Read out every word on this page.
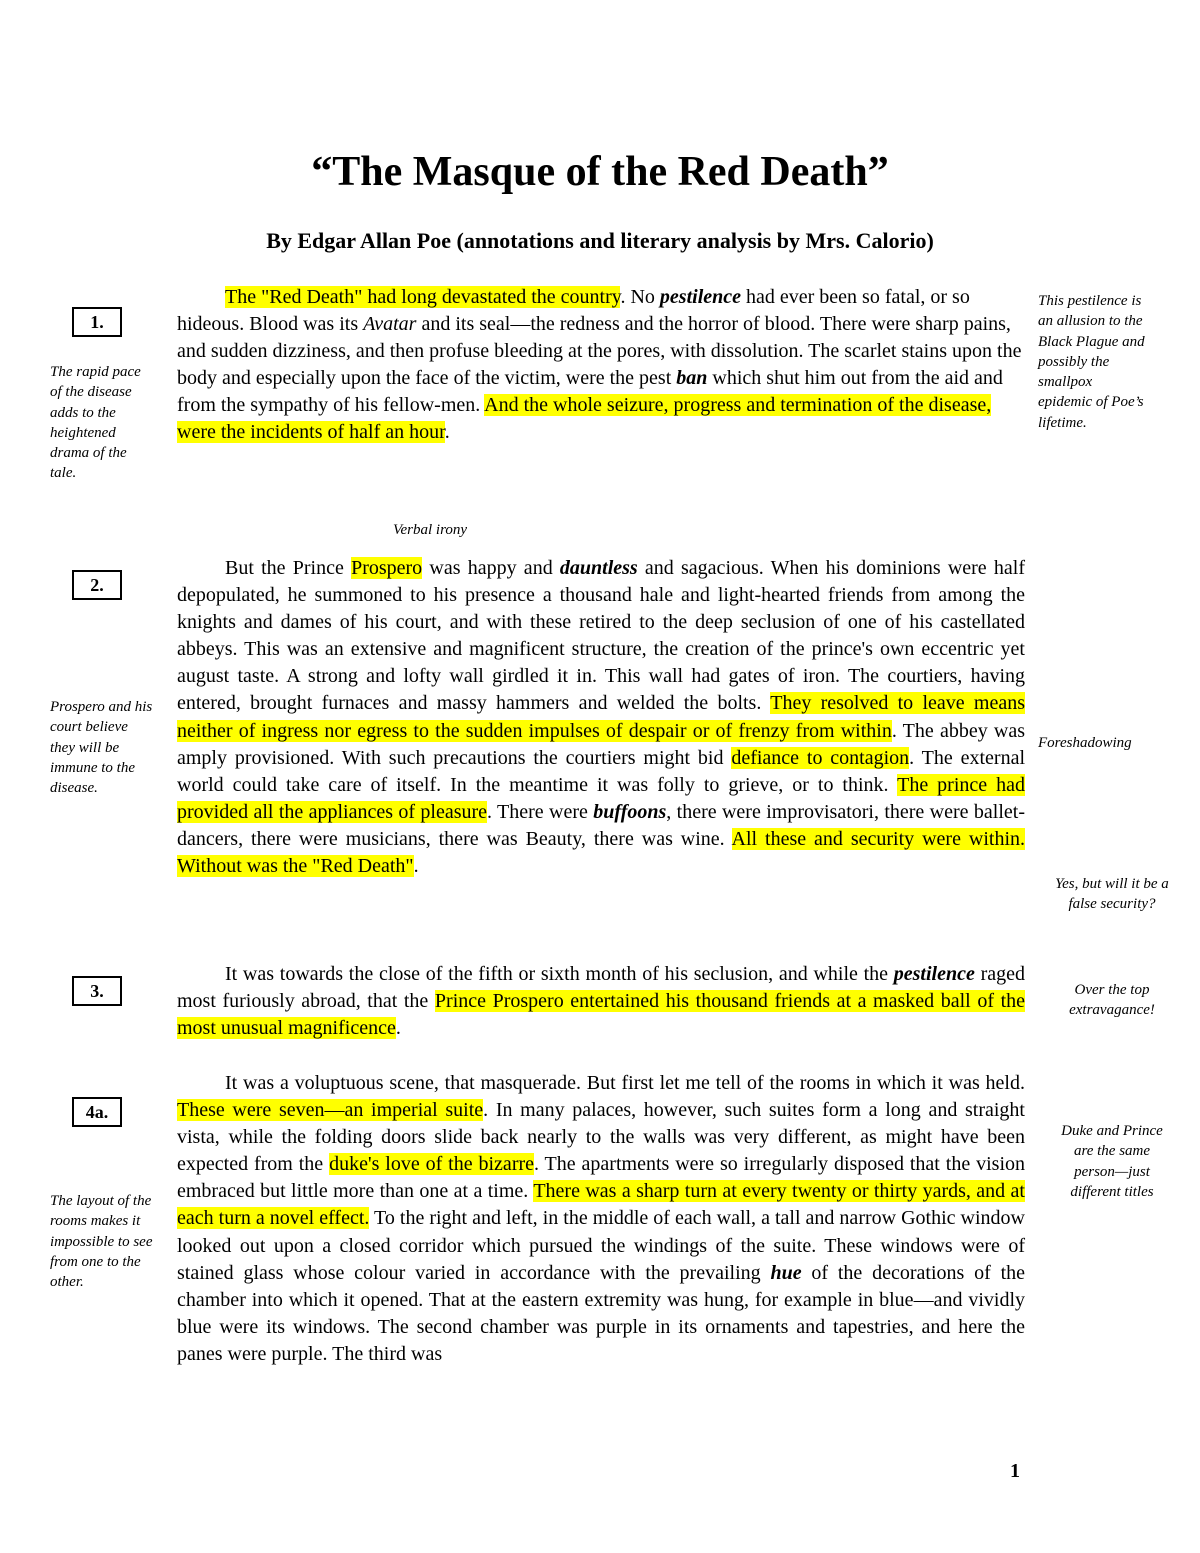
“The Masque of the Red Death”
By Edgar Allan Poe (annotations and literary analysis by Mrs. Calorio)
1.
2.
3.
4a.

The "Red Death" had long devastated the country. No pestilence had ever been so fatal, or so hideous. Blood was its Avatar and its seal—the redness and the horror of blood. There were sharp pains, and sudden dizziness, and then profuse bleeding at the pores, with dissolution. The scarlet stains upon the body and especially upon the face of the victim, were the pest ban which shut him out from the aid and from the sympathy of his fellow-men. And the whole seizure, progress and termination of the disease, were the incidents of half an hour.

Verbal irony

But the Prince Prospero was happy and dauntless and sagacious. When his dominions were half depopulated, he summoned to his presence a thousand hale and light-hearted friends from among the knights and dames of his court, and with these retired to the deep seclusion of one of his castellated abbeys. This was an extensive and magnificent structure, the creation of the prince's own eccentric yet august taste. A strong and lofty wall girdled it in. This wall had gates of iron. The courtiers, having entered, brought furnaces and massy hammers and welded the bolts. They resolved to leave means neither of ingress nor egress to the sudden impulses of despair or of frenzy from within. The abbey was amply provisioned. With such precautions the courtiers might bid defiance to contagion. The external world could take care of itself. In the meantime it was folly to grieve, or to think. The prince had provided all the appliances of pleasure. There were buffoons, there were improvisatori, there were ballet-dancers, there were musicians, there was Beauty, there was wine. All these and security were within. Without was the "Red Death".

It was towards the close of the fifth or sixth month of his seclusion, and while the pestilence raged most furiously abroad, that the Prince Prospero entertained his thousand friends at a masked ball of the most unusual magnificence.

It was a voluptuous scene, that masquerade. But first let me tell of the rooms in which it was held. These were seven—an imperial suite. In many palaces, however, such suites form a long and straight vista, while the folding doors slide back nearly to the walls was very different, as might have been expected from the duke's love of the bizarre. The apartments were so irregularly disposed that the vision embraced but little more than one at a time. There was a sharp turn at every twenty or thirty yards, and at each turn a novel effect. To the right and left, in the middle of each wall, a tall and narrow Gothic window looked out upon a closed corridor which pursued the windings of the suite. These windows were of stained glass whose colour varied in accordance with the prevailing hue of the decorations of the chamber into which it opened. That at the eastern extremity was hung, for example in blue—and vividly blue were its windows. The second chamber was purple in its ornaments and tapestries, and here the panes were purple. The third was

The rapid pace of the disease adds to the heightened drama of the tale.

Prospero and his court believe they will be immune to the disease.

The layout of the rooms makes it impossible to see from one to the other.

This pestilence is an allusion to the Black Plague and possibly the smallpox epidemic of Poe’s lifetime.

Foreshadowing

Yes, but will it be a false security?

Over the top extravagance!

Duke and Prince are the same person—just different titles

1
